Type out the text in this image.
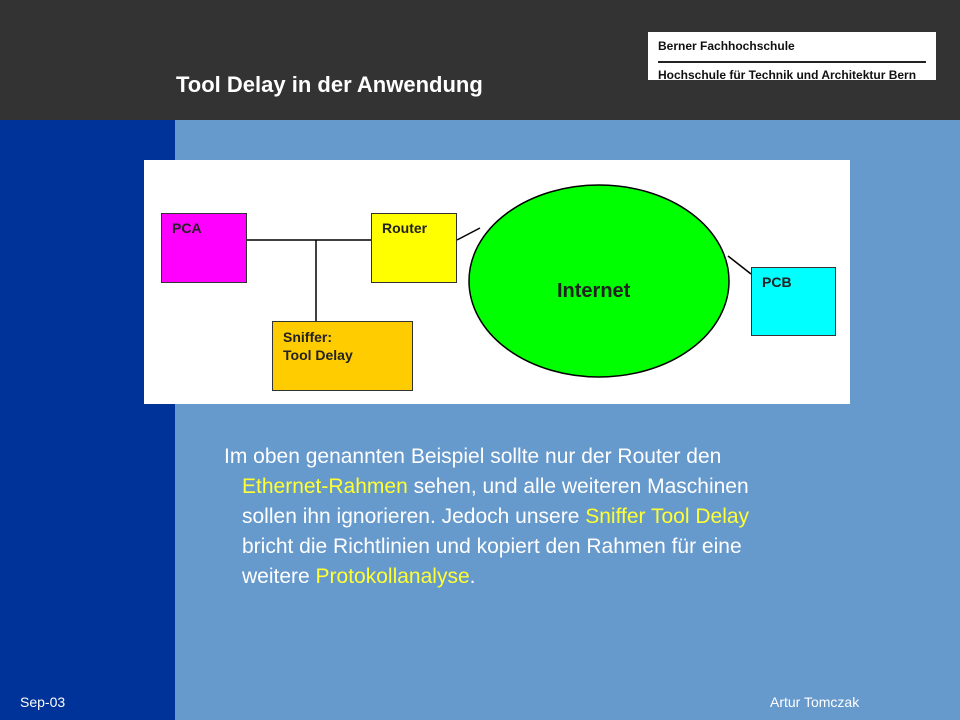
Tool Delay in der Anwendung
Berner Fachhochschule
Hochschule für Technik und Architektur Bern
PCA	Router
Sniffer:
Tool Delay
Internet	PCB
Im oben genannten Beispiel sollte nur der Router den
Ethernet-Rahmen sehen, und alle weiteren Maschinen
sollen ihn ignorieren. Jedoch unsere Sniffer Tool Delay
bricht die Richtlinien und kopiert den Rahmen für eine
weitere Protokollanalyse.
Sep-03	Artur Tomczak
